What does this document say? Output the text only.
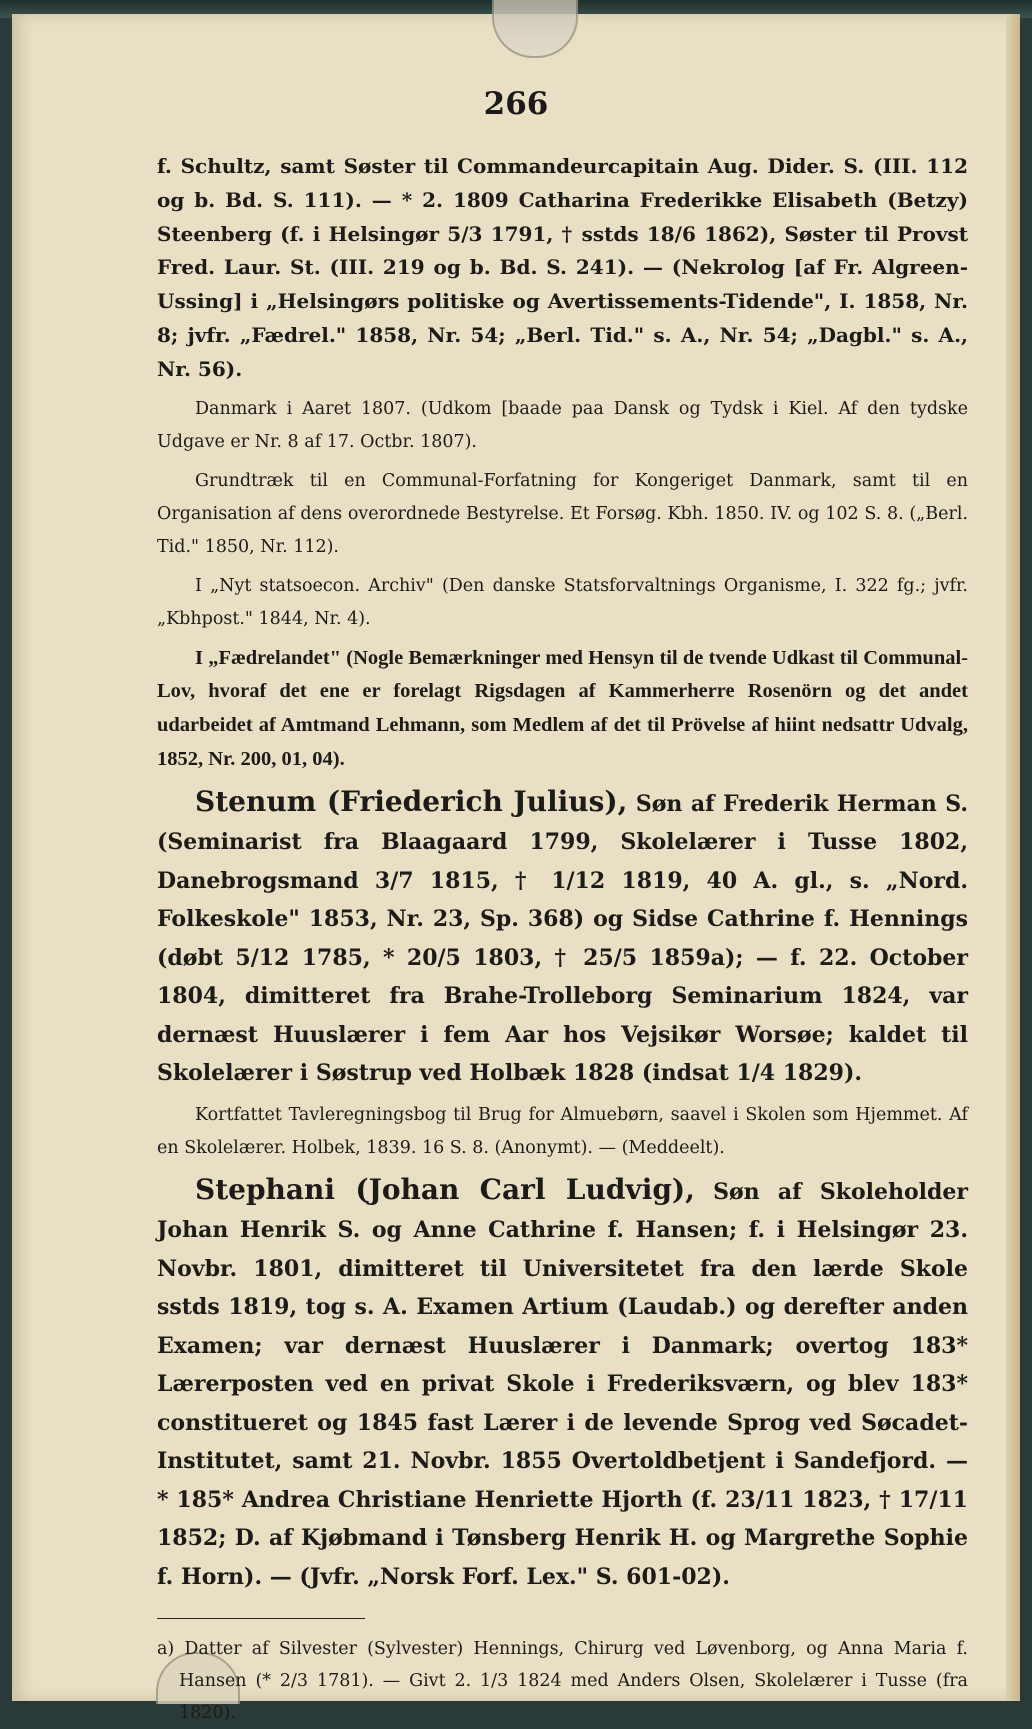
266

f. Schultz, samt Søster til Commandeurcapitain Aug. Dider. S. (III. 112 og b. Bd. S. 111). — * 2. 1809 Catharina Frederikke Elisabeth (Betzy) Steenberg (f. i Helsingør 5/3 1791, † sstds 18/6 1862), Søster til Provst Fred. Laur. St. (III. 219 og b. Bd. S. 241). — (Nekrolog [af Fr. Algreen-Ussing] i „Helsingørs politiske og Avertissements-Tidende", I. 1858, Nr. 8; jvfr. „Fædrel." 1858, Nr. 54; „Berl. Tid." s. A., Nr. 54; „Dagbl." s. A., Nr. 56).

Danmark i Aaret 1807. (Udkom [baade paa Dansk og Tydsk i Kiel. Af den tydske Udgave er Nr. 8 af 17. Octbr. 1807).

Grundtræk til en Communal-Forfatning for Kongeriget Danmark, samt til en Organisation af dens overordnede Bestyrelse. Et Forsøg. Kbh. 1850. IV. og 102 S. 8. („Berl. Tid." 1850, Nr. 112).

I „Nyt statsoecon. Archiv" (Den danske Statsforvaltnings Organisme, I. 322 fg.; jvfr. „Kbhpost." 1844, Nr. 4).

I „Fædrelandet" (Nogle Bemærkninger med Hensyn til de tvende Udkast til Communal-Lov, hvoraf det ene er forelagt Rigsdagen af Kammerherre Rosenörn og det andet udarbeidet af Amtmand Lehmann, som Medlem af det til Prövelse af hiint nedsattr Udvalg, 1852, Nr. 200, 01, 04).

Stenum (Friederich Julius), Søn af Frederik Herman S. (Seminarist fra Blaagaard 1799, Skolelærer i Tusse 1802, Danebrogsmand 3/7 1815, † 1/12 1819, 40 A. gl., s. „Nord. Folkeskole" 1853, Nr. 23, Sp. 368) og Sidse Cathrine f. Hennings (døbt 5/12 1785, * 20/5 1803, † 25/5 1859a); — f. 22. October 1804, dimitteret fra Brahe-Trolleborg Seminarium 1824, var dernæst Huuslærer i fem Aar hos Vejsikør Worsøe; kaldet til Skolelærer i Søstrup ved Holbæk 1828 (indsat 1/4 1829).

Kortfattet Tavleregningsbog til Brug for Almuebørn, saavel i Skolen som Hjemmet. Af en Skolelærer. Holbek, 1839. 16 S. 8. (Anonymt). — (Meddeelt).

Stephani (Johan Carl Ludvig), Søn af Skoleholder Johan Henrik S. og Anne Cathrine f. Hansen; f. i Helsingør 23. Novbr. 1801, dimitteret til Universitetet fra den lærde Skole sstds 1819, tog s. A. Examen Artium (Laudab.) og derefter anden Examen; var dernæst Huuslærer i Danmark; overtog 183* Lærerposten ved en privat Skole i Frederiksværn, og blev 183* constitueret og 1845 fast Lærer i de levende Sprog ved Søcadet-Institutet, samt 21. Novbr. 1855 Overtoldbetjent i Sandefjord. — * 185* Andrea Christiane Henriette Hjorth (f. 23/11 1823, † 17/11 1852; D. af Kjøbmand i Tønsberg Henrik H. og Margrethe Sophie f. Horn). — (Jvfr. „Norsk Forf. Lex." S. 601-02).

a) Datter af Silvester (Sylvester) Hennings, Chirurg ved Løvenborg, og Anna Maria f. Hansen (* 2/3 1781). — Givt 2. 1/3 1824 med Anders Olsen, Skolelærer i Tusse (fra 1820).
